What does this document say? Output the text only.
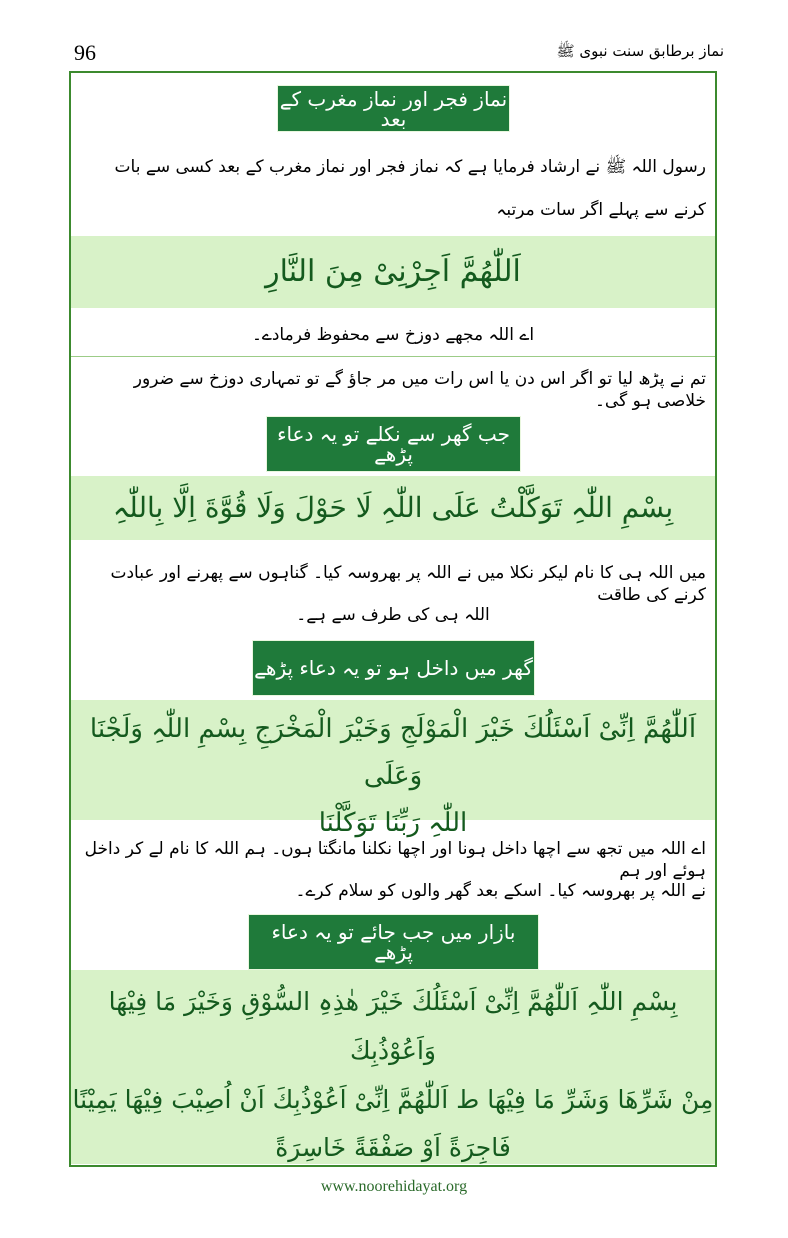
96	نماز برطابق سنت نبوی ﷺ
نماز فجر اور نماز مغرب کے بعد
رسول اللہ ﷺ نے ارشاد فرمایا ہے کہ نماز فجر اور نماز مغرب کے بعد کسی سے بات
کرنے سے پہلے اگر سات مرتبہ
اَللّٰھُمَّ اَجِرْنِیْ مِنَ النَّارِ
اے اللہ مجھے دوزخ سے محفوظ فرمادے۔
تم نے پڑھ لیا تو اگر اس دن یا اس رات میں مر جاؤ گے تو تمہاری دوزخ سے ضرور خلاصی ہو گی۔
جب گھر سے نکلے تو یہ دعاء پڑھے
بِسْمِ اللّٰہِ تَوَکَّلْتُ عَلَی اللّٰہِ لَا حَوْلَ وَلَا قُوَّةَ اِلَّا بِاللّٰہِ
میں اللہ ہی کا نام لیکر نکلا میں نے اللہ پر بھروسہ کیا۔ گناہوں سے پھرنے اور عبادت کرنے کی طاقت
اللہ ہی کی طرف سے ہے۔
گھر میں داخل ہو تو یہ دعاء پڑھے
اَللّٰھُمَّ اِنِّیْ اَسْئَلُكَ خَیْرَ الْمَوْلَجِ وَخَیْرَ الْمَخْرَجِ بِسْمِ اللّٰہِ وَلَجْنَا وَعَلَی
اللّٰہِ رَبِّنَا تَوَكَّلْنَا
اے اللہ میں تجھ سے اچھا داخل ہونا اور اچھا نکلنا مانگتا ہوں۔ ہم اللہ کا نام لے کر داخل ہوئے اور ہم
نے اللہ پر بھروسہ کیا۔ اسکے بعد گھر والوں کو سلام کرے۔
بازار میں جب جائے تو یہ دعاء پڑھے
بِسْمِ اللّٰہِ اَللّٰھُمَّ اِنِّیْ اَسْئَلُكَ خَیْرَ ھٰذِہِ السُّوْقِ وَخَیْرَ مَا فِیْھَا وَاَعُوْذُبِكَ
مِنْ شَرِّھَا وَشَرِّ مَا فِیْھَا ط اَللّٰھُمَّ اِنِّیْ اَعُوْذُبِكَ اَنْ اُصِیْبَ فِیْھَا یَمِیْنًا
فَاجِرَةً اَوْ صَفْقَةً خَاسِرَةً
www.noorehidayat.org
